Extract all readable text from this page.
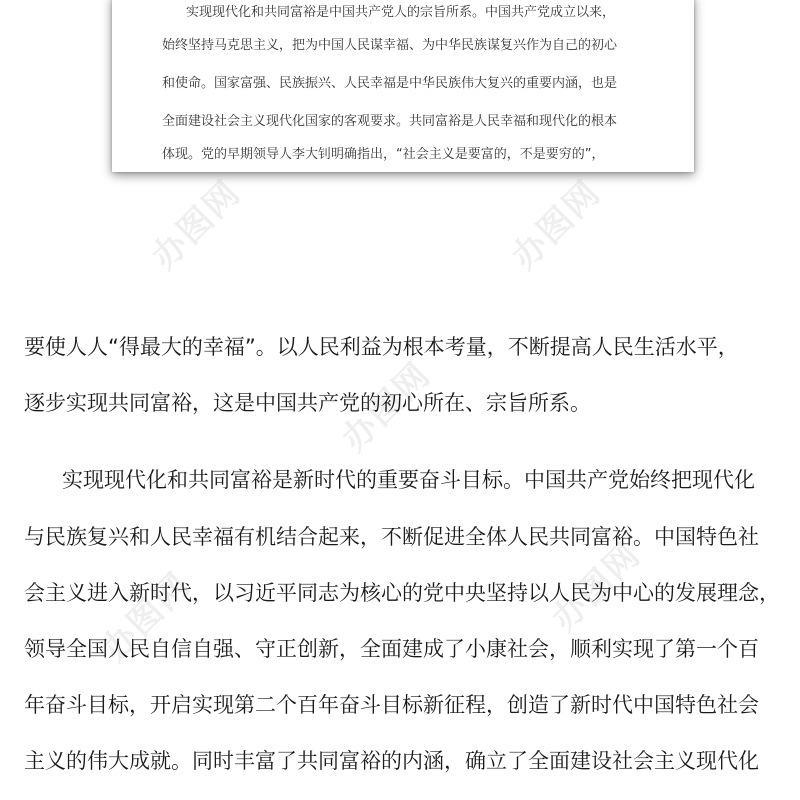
实现现代化和共同富裕是中国共产党人的宗旨所系。中国共产党成立以来，
始终坚持马克思主义，把为中国人民谋幸福、为中华民族谋复兴作为自己的初心
和使命。国家富强、民族振兴、人民幸福是中华民族伟大复兴的重要内涵，也是
全面建设社会主义现代化国家的客观要求。共同富裕是人民幸福和现代化的根本
体现。党的早期领导人李大钊明确指出，“社会主义是要富的，不是要穷的”，
办图网	办图网
办图网
办图网	办图网
要使人人“得最大的幸福”。以人民利益为根本考量，不断提高人民生活水平，
逐步实现共同富裕，这是中国共产党的初心所在、宗旨所系。
实现现代化和共同富裕是新时代的重要奋斗目标。中国共产党始终把现代化
与民族复兴和人民幸福有机结合起来，不断促进全体人民共同富裕。中国特色社
会主义进入新时代，以习近平同志为核心的党中央坚持以人民为中心的发展理念，
领导全国人民自信自强、守正创新，全面建成了小康社会，顺利实现了第一个百
年奋斗目标，开启实现第二个百年奋斗目标新征程，创造了新时代中国特色社会
主义的伟大成就。同时丰富了共同富裕的内涵，确立了全面建设社会主义现代化
